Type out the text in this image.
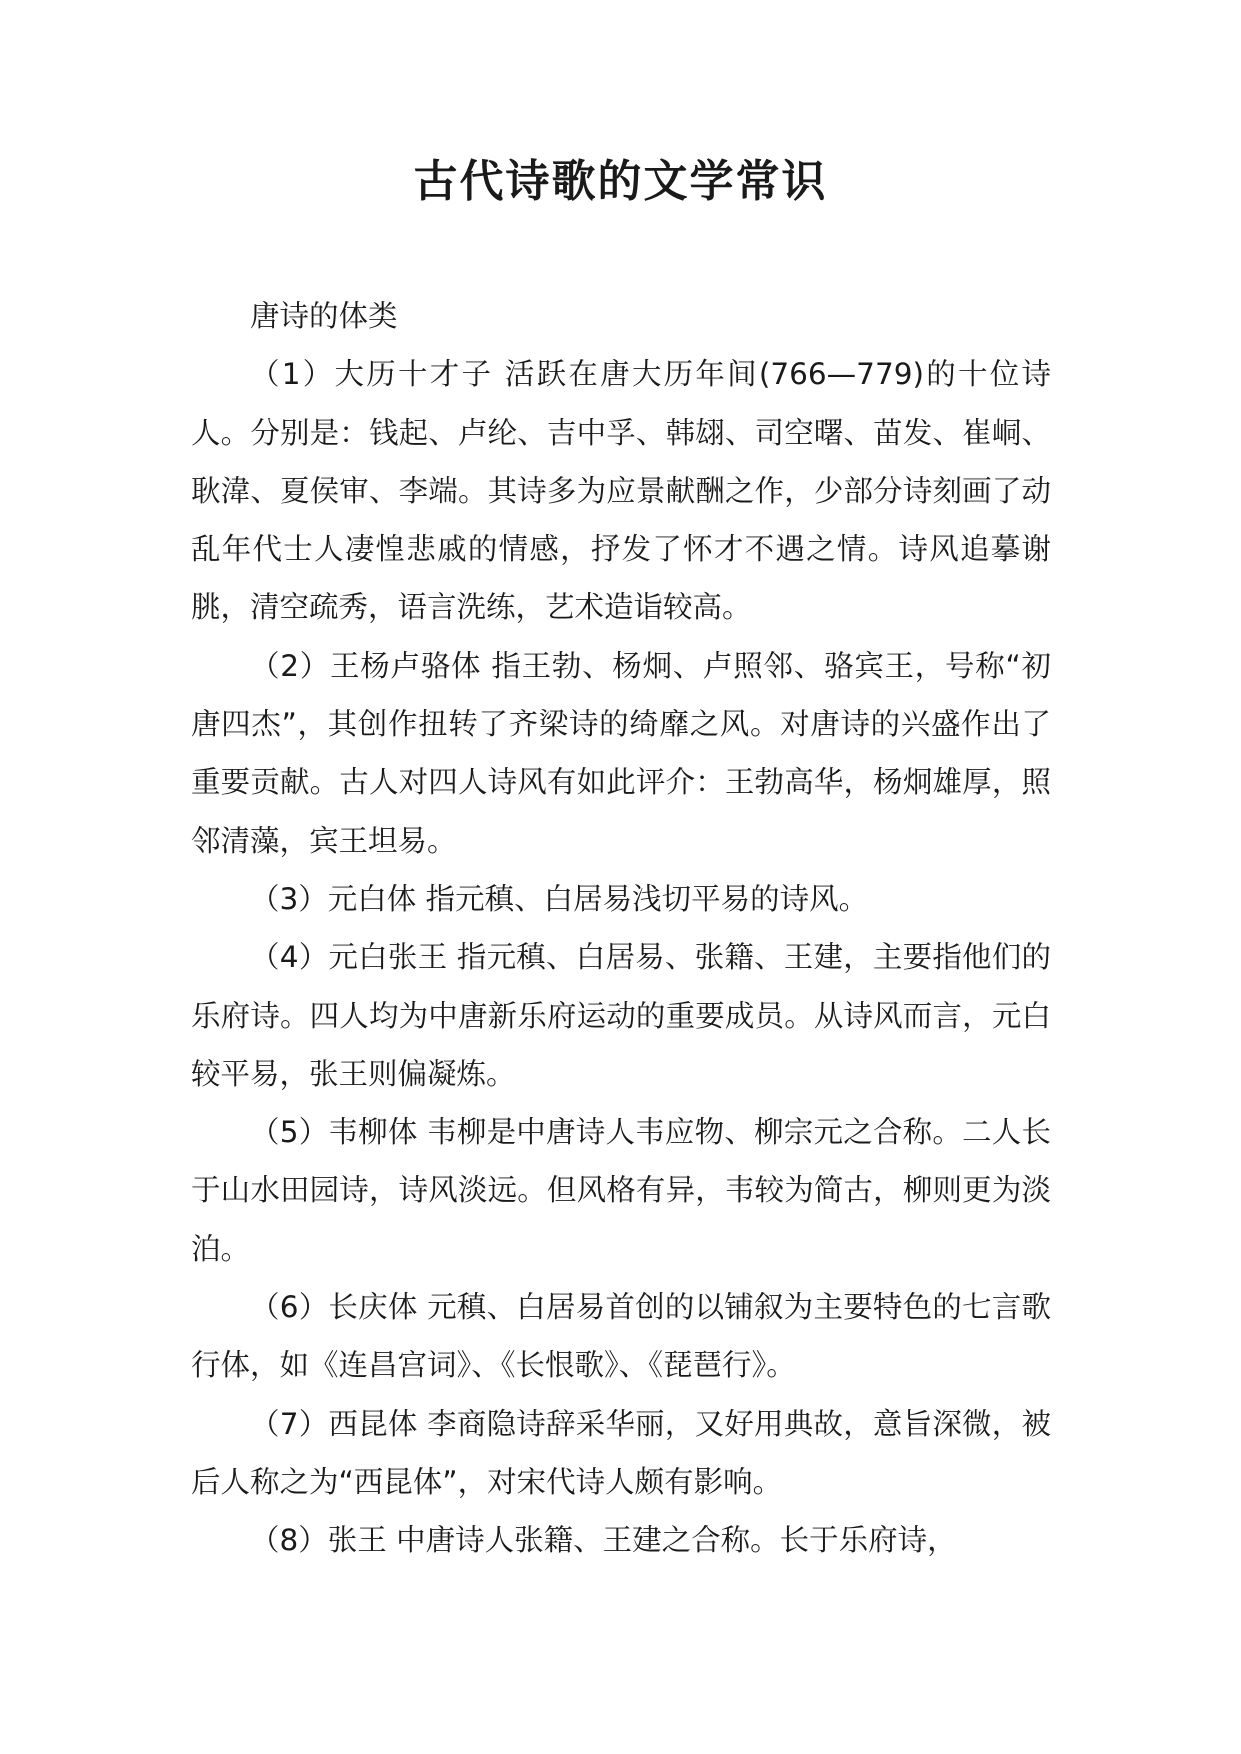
古代诗歌的文学常识

唐诗的体类

（1）大历十才子 活跃在唐大历年间(766—779)的十位诗人。分别是：钱起、卢纶、吉中孚、韩翃、司空曙、苗发、崔峒、耿湋、夏侯审、李端。其诗多为应景献酬之作，少部分诗刻画了动乱年代士人凄惶悲戚的情感，抒发了怀才不遇之情。诗风追摹谢朓，清空疏秀，语言洗练，艺术造诣较高。

（2）王杨卢骆体 指王勃、杨炯、卢照邻、骆宾王，号称“初唐四杰”，其创作扭转了齐梁诗的绮靡之风。对唐诗的兴盛作出了重要贡献。古人对四人诗风有如此评介：王勃高华，杨炯雄厚，照邻清藻，宾王坦易。

（3）元白体 指元稹、白居易浅切平易的诗风。

（4）元白张王 指元稹、白居易、张籍、王建，主要指他们的乐府诗。四人均为中唐新乐府运动的重要成员。从诗风而言，元白较平易，张王则偏凝炼。

（5）韦柳体 韦柳是中唐诗人韦应物、柳宗元之合称。二人长于山水田园诗，诗风淡远。但风格有异，韦较为简古，柳则更为淡泊。

（6）长庆体 元稹、白居易首创的以铺叙为主要特色的七言歌行体，如《连昌宫词》、《长恨歌》、《琵琶行》。

（7）西昆体 李商隐诗辞采华丽，又好用典故，意旨深微，被后人称之为“西昆体”，对宋代诗人颇有影响。

（8）张王 中唐诗人张籍、王建之合称。长于乐府诗，
